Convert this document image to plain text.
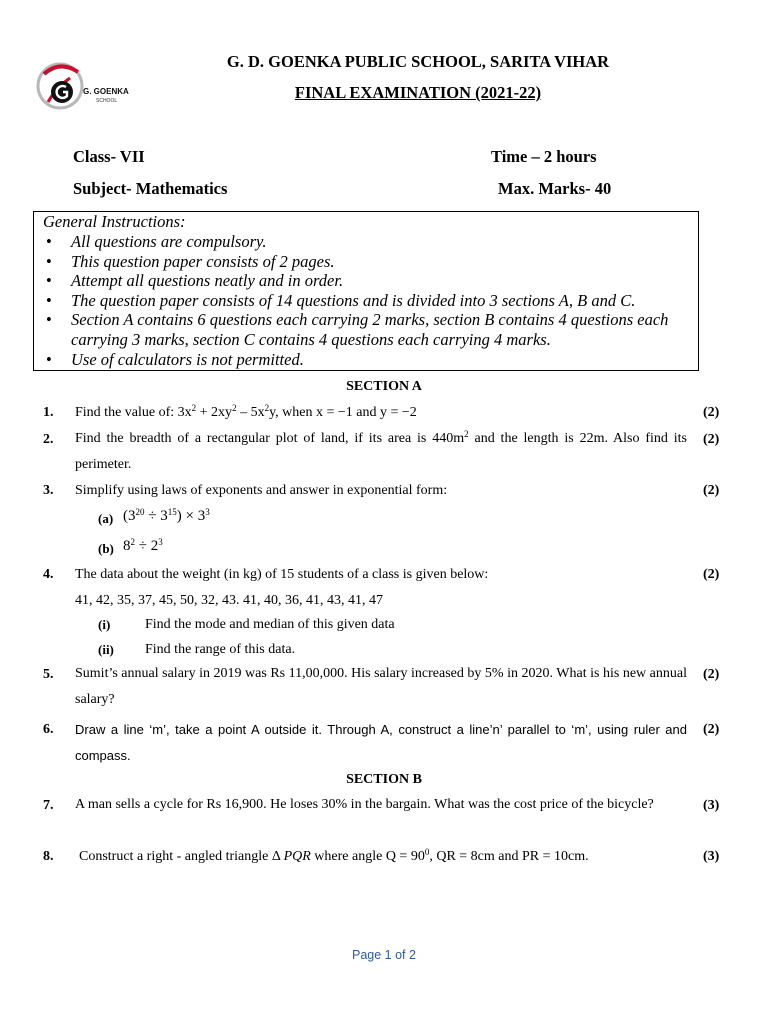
G. GOENKA
SCHOOL
G. D. GOENKA PUBLIC SCHOOL, SARITA VIHAR
FINAL EXAMINATION (2021-22)
Class- VII	Time – 2 hours
Subject- Mathematics	Max. Marks- 40
General Instructions:
• All questions are compulsory.
• This question paper consists of 2 pages.
• Attempt all questions neatly and in order.
• The question paper consists of 14 questions and is divided into 3 sections A, B and C.
• Section A contains 6 questions each carrying 2 marks, section B contains 4 questions each carrying 3 marks, section C contains 4 questions each carrying 4 marks.
• Use of calculators is not permitted.
SECTION A
1. Find the value of: $3x^2 + 2xy^2 - 5x^2y$, when x = −1 and y = −2	(2)
2. Find the breadth of a rectangular plot of land, if its area is $440m^2$ and the length is 22m. Also find its perimeter.
(2)
3. Simplify using laws of exponents and answer in exponential form:	(2)
(a) $(3^{20} \div 3^{15}) \times 3^3$
(b) $8^2 \div 2^3$
4. The data about the weight (in kg) of 15 students of a class is given below:	(2)
41, 42, 35, 37, 45, 50, 32, 43. 41, 40, 36, 41, 43, 41, 47
(i) Find the mode and median of this given data
(ii) Find the range of this data.
5. Sumit’s annual salary in 2019 was Rs 11,00,000. His salary increased by 5% in 2020. What is his new annual salary?
(2)
6. Draw a line ‘m’, take a point A outside it. Through A, construct a line’n’ parallel to ‘m’, using ruler and compass.
(2)
SECTION B
7. A man sells a cycle for Rs 16,900. He loses 30% in the bargain. What was the cost price of the bicycle?	(3)
8. Construct a right - angled triangle Δ PQR where angle $Q = 90^0$, QR = 8cm and PR = 10cm.	(3)
Page 1 of 2
